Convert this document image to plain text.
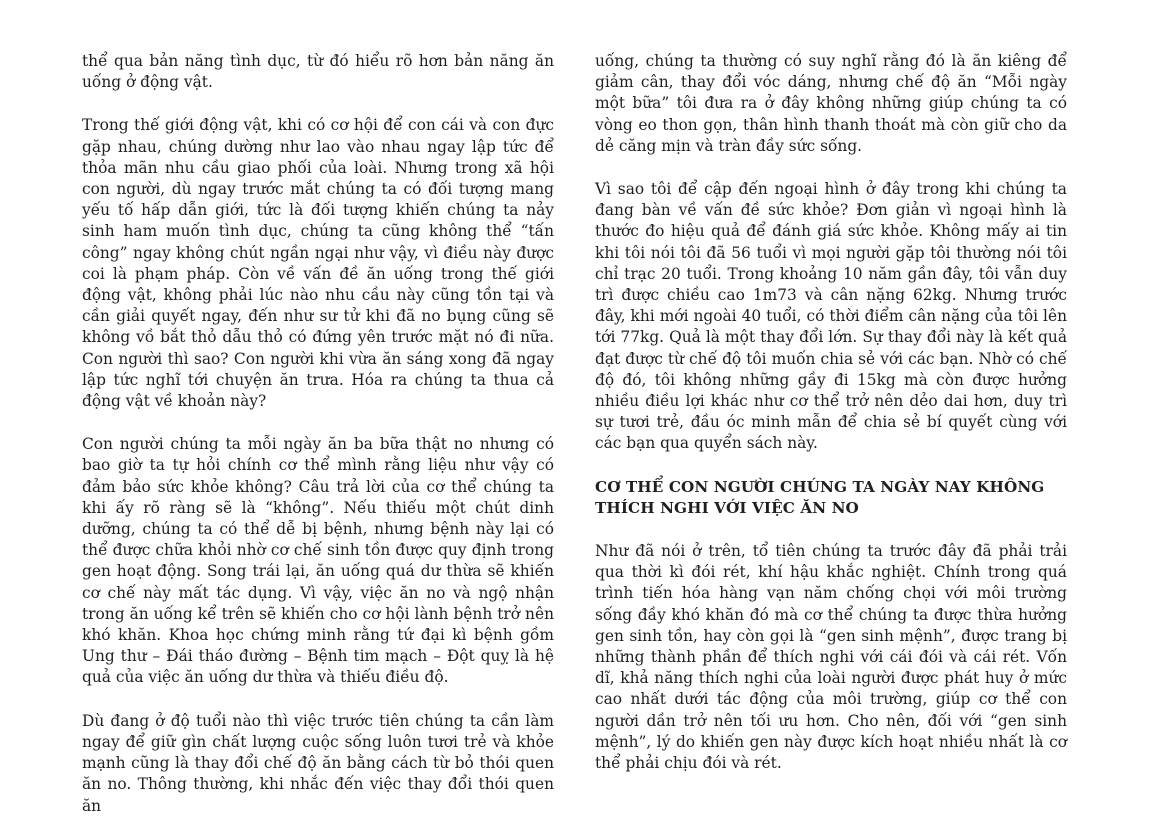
thể qua bản năng tình dục, từ đó hiểu rõ hơn bản năng ăn uống ở động vật.

Trong thế giới động vật, khi có cơ hội để con cái và con đực gặp nhau, chúng dường như lao vào nhau ngay lập tức để thỏa mãn nhu cầu giao phối của loài. Nhưng trong xã hội con người, dù ngay trước mắt chúng ta có đối tượng mang yếu tố hấp dẫn giới, tức là đối tượng khiến chúng ta nảy sinh ham muốn tình dục, chúng ta cũng không thể “tấn công” ngay không chút ngần ngại như vậy, vì điều này được coi là phạm pháp. Còn về vấn đề ăn uống trong thế giới động vật, không phải lúc nào nhu cầu này cũng tồn tại và cần giải quyết ngay, đến như sư tử khi đã no bụng cũng sẽ không vồ bắt thỏ dẫu thỏ có đứng yên trước mặt nó đi nữa. Con người thì sao? Con người khi vừa ăn sáng xong đã ngay lập tức nghĩ tới chuyện ăn trưa. Hóa ra chúng ta thua cả động vật về khoản này?

Con người chúng ta mỗi ngày ăn ba bữa thật no nhưng có bao giờ ta tự hỏi chính cơ thể mình rằng liệu như vậy có đảm bảo sức khỏe không? Câu trả lời của cơ thể chúng ta khi ấy rõ ràng sẽ là “không”. Nếu thiếu một chút dinh dưỡng, chúng ta có thể dễ bị bệnh, nhưng bệnh này lại có thể được chữa khỏi nhờ cơ chế sinh tồn được quy định trong gen hoạt động. Song trái lại, ăn uống quá dư thừa sẽ khiến cơ chế này mất tác dụng. Vì vậy, việc ăn no và ngộ nhận trong ăn uống kể trên sẽ khiến cho cơ hội lành bệnh trở nên khó khăn. Khoa học chứng minh rằng tứ đại kì bệnh gồm Ung thư – Đái tháo đường – Bệnh tim mạch – Đột quỵ là hệ quả của việc ăn uống dư thừa và thiếu điều độ.

Dù đang ở độ tuổi nào thì việc trước tiên chúng ta cần làm ngay để giữ gìn chất lượng cuộc sống luôn tươi trẻ và khỏe mạnh cũng là thay đổi chế độ ăn bằng cách từ bỏ thói quen ăn no. Thông thường, khi nhắc đến việc thay đổi thói quen ăn

uống, chúng ta thường có suy nghĩ rằng đó là ăn kiêng để giảm cân, thay đổi vóc dáng, nhưng chế độ ăn “Mỗi ngày một bữa” tôi đưa ra ở đây không những giúp chúng ta có vòng eo thon gọn, thân hình thanh thoát mà còn giữ cho da dẻ căng mịn và tràn đầy sức sống.

Vì sao tôi để cập đến ngoại hình ở đây trong khi chúng ta đang bàn về vấn đề sức khỏe? Đơn giản vì ngoại hình là thước đo hiệu quả để đánh giá sức khỏe. Không mấy ai tin khi tôi nói tôi đã 56 tuổi vì mọi người gặp tôi thường nói tôi chỉ trạc 20 tuổi. Trong khoảng 10 năm gần đây, tôi vẫn duy trì được chiều cao 1m73 và cân nặng 62kg. Nhưng trước đây, khi mới ngoài 40 tuổi, có thời điểm cân nặng của tôi lên tới 77kg. Quả là một thay đổi lớn. Sự thay đổi này là kết quả đạt được từ chế độ tôi muốn chia sẻ với các bạn. Nhờ có chế độ đó, tôi không những gầy đi 15kg mà còn được hưởng nhiều điều lợi khác như cơ thể trở nên dẻo dai hơn, duy trì sự tươi trẻ, đầu óc minh mẫn để chia sẻ bí quyết cùng với các bạn qua quyển sách này.

CƠ THỂ CON NGƯỜI CHÚNG TA NGÀY NAY KHÔNG THÍCH NGHI VỚI VIỆC ĂN NO

Như đã nói ở trên, tổ tiên chúng ta trước đây đã phải trải qua thời kì đói rét, khí hậu khắc nghiệt. Chính trong quá trình tiến hóa hàng vạn năm chống chọi với môi trường sống đầy khó khăn đó mà cơ thể chúng ta được thừa hưởng gen sinh tồn, hay còn gọi là “gen sinh mệnh”, được trang bị những thành phần để thích nghi với cái đói và cái rét. Vốn dĩ, khả năng thích nghi của loài người được phát huy ở mức cao nhất dưới tác động của môi trường, giúp cơ thể con người dần trở nên tối ưu hơn. Cho nên, đối với “gen sinh mệnh”, lý do khiến gen này được kích hoạt nhiều nhất là cơ thể phải chịu đói và rét.
